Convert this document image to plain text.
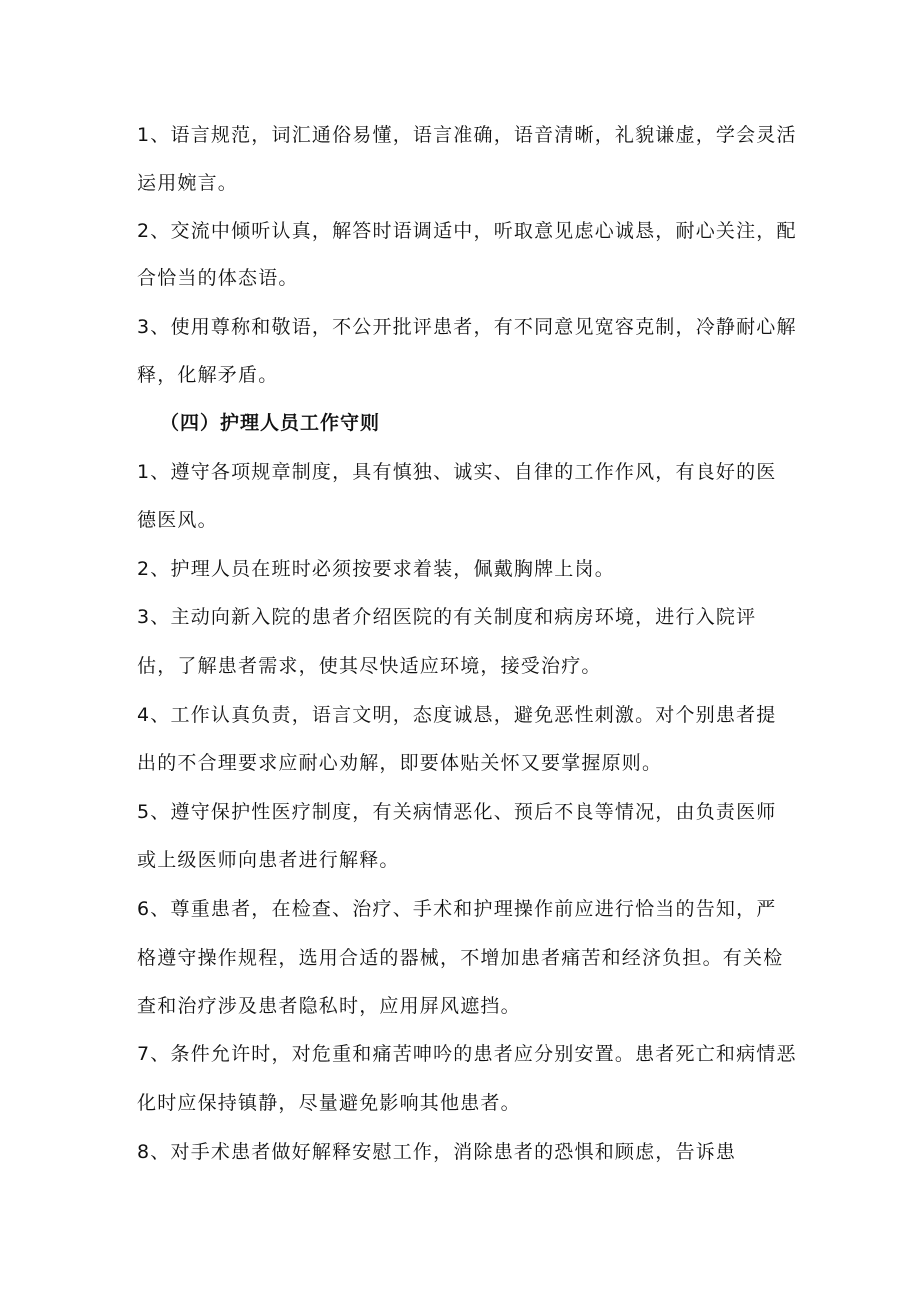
1、语言规范，词汇通俗易懂，语言准确，语音清晰，礼貌谦虚，学会灵活
运用婉言。
2、交流中倾听认真，解答时语调适中，听取意见虑心诚恳，耐心关注，配
合恰当的体态语。
3、使用尊称和敬语，不公开批评患者，有不同意见宽容克制，冷静耐心解
释，化解矛盾。
（四）护理人员工作守则
1、遵守各项规章制度，具有慎独、诚实、自律的工作作风，有良好的医
德医风。
2、护理人员在班时必须按要求着装，佩戴胸牌上岗。
3、主动向新入院的患者介绍医院的有关制度和病房环境，进行入院评
估，了解患者需求，使其尽快适应环境，接受治疗。
4、工作认真负责，语言文明，态度诚恳，避免恶性刺激。对个别患者提
出的不合理要求应耐心劝解，即要体贴关怀又要掌握原则。
5、遵守保护性医疗制度，有关病情恶化、预后不良等情况，由负责医师
或上级医师向患者进行解释。
6、尊重患者，在检查、治疗、手术和护理操作前应进行恰当的告知，严
格遵守操作规程，选用合适的器械，不增加患者痛苦和经济负担。有关检
查和治疗涉及患者隐私时，应用屏风遮挡。
7、条件允许时，对危重和痛苦呻吟的患者应分别安置。患者死亡和病情恶
化时应保持镇静，尽量避免影响其他患者。
8、对手术患者做好解释安慰工作，消除患者的恐惧和顾虑，告诉患
